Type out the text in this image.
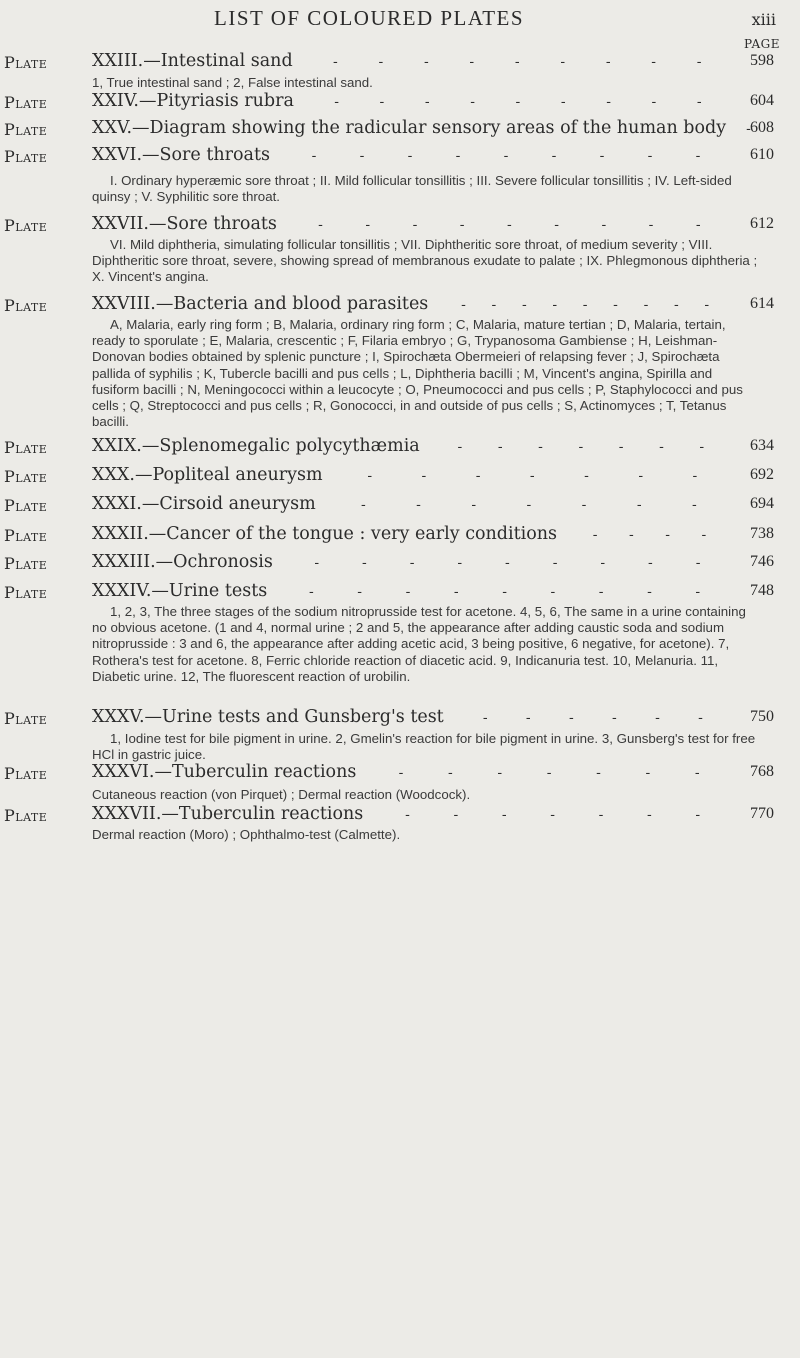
LIST OF COLOURED PLATES	xiii
PAGE
Plate	XXIII.—Intestinal sand	-	-	-	-	-	-	-	-	-	598
1, True intestinal sand ; 2, False intestinal sand.
Plate	XXIV.—Pityriasis rubra	-	-	-	-	-	-	-	-	-	604
Plate	XXV.—Diagram showing the radicular sensory areas of the human body - 608
Plate	XXVI.—Sore throats	-	-	-	-	-	-	-	-	-	610
I. Ordinary hyperæmic sore throat ; II. Mild follicular tonsillitis ; III. Severe follicular tonsillitis ; IV. Left-sided quinsy ; V. Syphilitic sore throat.
Plate	XXVII.—Sore throats	-	-	-	-	-	-	-	-	-	612
VI. Mild diphtheria, simulating follicular tonsillitis ; VII. Diphtheritic sore throat, of medium severity ; VIII. Diphtheritic sore throat, severe, showing spread of membranous exudate to palate ; IX. Phlegmonous diphtheria ; X. Vincent's angina.
Plate	XXVIII.—Bacteria and blood parasites - - - - - - - - -	614
A, Malaria, early ring form ; B, Malaria, ordinary ring form ; C, Malaria, mature tertian ; D, Malaria, tertain, ready to sporulate ; E, Malaria, crescentic ; F, Filaria embryo ; G, Trypanosoma Gambiense ; H, Leishman-Donovan bodies obtained by splenic puncture ; I, Spirochæta Obermeieri of relapsing fever ; J, Spirochæta pallida of syphilis ; K, Tubercle bacilli and pus cells ; L, Diphtheria bacilli ; M, Vincent's angina, Spirilla and fusiform bacilli ; N, Meningococci within a leucocyte ; O, Pneumococci and pus cells ; P, Staphylococci and pus cells ; Q, Streptococci and pus cells ; R, Gonococci, in and outside of pus cells ; S, Actinomyces ; T, Tetanus bacilli.
Plate	XXIX.—Splenomegalic polycythæmia	-	-	-	-	-	-	-	634
Plate	XXX.—Popliteal aneurysm	-	-	-	-	-	-	-	692
Plate	XXXI.—Cirsoid aneurysm	-	-	-	-	-	-	-	694
Plate	XXXII.—Cancer of the tongue : very early conditions	- - - -	738
Plate	XXXIII.—Ochronosis	-	-	-	-	-	-	-	-	-	746
Plate	XXXIV.—Urine tests	-	-	-	-	-	-	-	-	-	748
1, 2, 3, The three stages of the sodium nitroprusside test for acetone. 4, 5, 6, The same in a urine containing no obvious acetone. (1 and 4, normal urine ; 2 and 5, the appearance after adding caustic soda and sodium nitroprusside : 3 and 6, the appearance after adding acetic acid, 3 being positive, 6 negative, for acetone). 7, Rothera's test for acetone. 8, Ferric chloride reaction of diacetic acid. 9, Indicanuria test. 10, Melanuria. 11, Diabetic urine. 12, The fluorescent reaction of urobilin.
Plate	XXXV.—Urine tests and Gunsberg's test	-	-	-	-	-	-	750
1, Iodine test for bile pigment in urine. 2, Gmelin's reaction for bile pigment in urine. 3, Gunsberg's test for free HCl in gastric juice.
Plate	XXXVI.—Tuberculin reactions	-	-	-	-	-	-	-	768
Cutaneous reaction (von Pirquet) ; Dermal reaction (Woodcock).
Plate	XXXVII.—Tuberculin reactions	-	-	-	-	-	-	-	770
Dermal reaction (Moro) ; Ophthalmo-test (Calmette).
